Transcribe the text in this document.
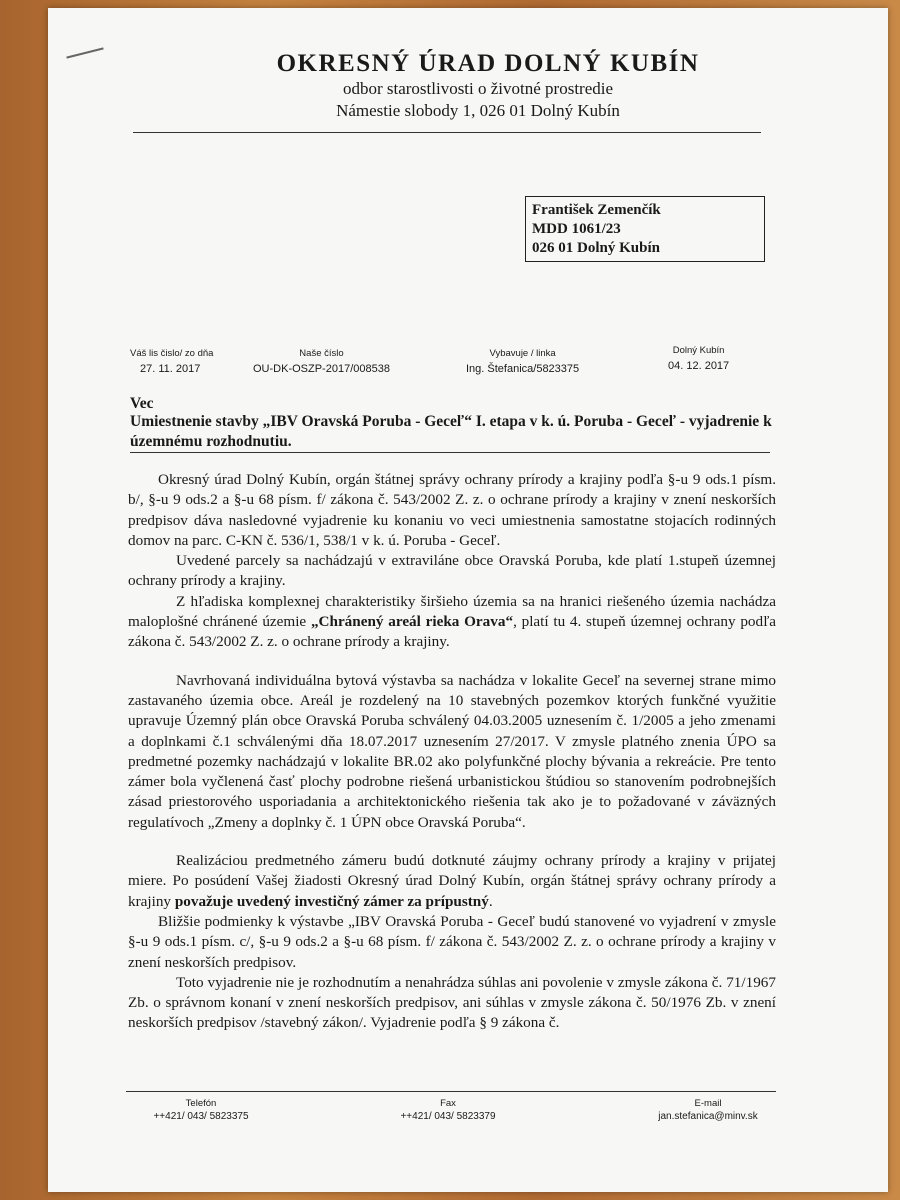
OKRESNÝ ÚRAD DOLNÝ KUBÍN
odbor starostlivosti o životné prostredie
Námestie slobody 1, 026 01 Dolný Kubín
František Zemenčík
MDD 1061/23
026 01 Dolný Kubín
Váš lis čislo/ zo dňa
27. 11. 2017
Naše číslo
OU-DK-OSZP-2017/008538
Vybavuje / linka
Ing. Štefanica/5823375
Dolný Kubín
04. 12. 2017
Vec
Umiestnenie stavby „IBV Oravská Poruba - Geceľ“ I. etapa v k. ú. Poruba - Geceľ - vyjadrenie k územnému rozhodnutiu.

Okresný úrad Dolný Kubín, orgán štátnej správy ochrany prírody a krajiny podľa §-u 9 ods.1 písm. b/, §-u 9 ods.2 a §-u 68 písm. f/ zákona č. 543/2002 Z. z. o ochrane prírody a krajiny v znení neskorších predpisov dáva nasledovné vyjadrenie ku konaniu vo veci umiestnenia samostatne stojacích rodinných domov na parc. C-KN č. 536/1, 538/1 v k. ú. Poruba - Geceľ.

Uvedené parcely sa nachádzajú v extraviláne obce Oravská Poruba, kde platí 1.stupeň územnej ochrany prírody a krajiny.

Z hľadiska komplexnej charakteristiky širšieho územia sa na hranici riešeného územia nachádza maloplošné chránené územie „Chránený areál rieka Orava“, platí tu 4. stupeň územnej ochrany podľa zákona č. 543/2002 Z. z. o ochrane prírody a krajiny.

Navrhovaná individuálna bytová výstavba sa nachádza v lokalite Geceľ na severnej strane mimo zastavaného územia obce. Areál je rozdelený na 10 stavebných pozemkov ktorých funkčné využitie upravuje Územný plán obce Oravská Poruba schválený 04.03.2005 uznesením č. 1/2005 a jeho zmenami a doplnkami č.1 schválenými dňa 18.07.2017 uznesením 27/2017. V zmysle platného znenia ÚPO sa predmetné pozemky nachádzajú v lokalite BR.02 ako polyfunkčné plochy bývania a rekreácie. Pre tento zámer bola vyčlenená časť plochy podrobne riešená urbanistickou štúdiou so stanovením podrobnejších zásad priestorového usporiadania a architektonického riešenia tak ako je to požadované v záväzných regulatívoch „Zmeny a doplnky č. 1 ÚPN obce Oravská Poruba“.

Realizáciou predmetného zámeru budú dotknuté záujmy ochrany prírody a krajiny v prijatej miere. Po posúdení Vašej žiadosti Okresný úrad Dolný Kubín, orgán štátnej správy ochrany prírody a krajiny považuje uvedený investičný zámer za prípustný.

Bližšie podmienky k výstavbe „IBV Oravská Poruba - Geceľ budú stanovené vo vyjadrení v zmysle §-u 9 ods.1 písm. c/, §-u 9 ods.2 a §-u 68 písm. f/ zákona č. 543/2002 Z. z. o ochrane prírody a krajiny v znení neskorších predpisov.

Toto vyjadrenie nie je rozhodnutím a nenahrádza súhlas ani povolenie v zmysle zákona č. 71/1967 Zb. o správnom konaní v znení neskorších predpisov, ani súhlas v zmysle zákona č. 50/1976 Zb. v znení neskorších predpisov /stavebný zákon/. Vyjadrenie podľa § 9 zákona č.

Telefón
++421/ 043/ 5823375
Fax
++421/ 043/ 5823379
E-mail
jan.stefanica@minv.sk
